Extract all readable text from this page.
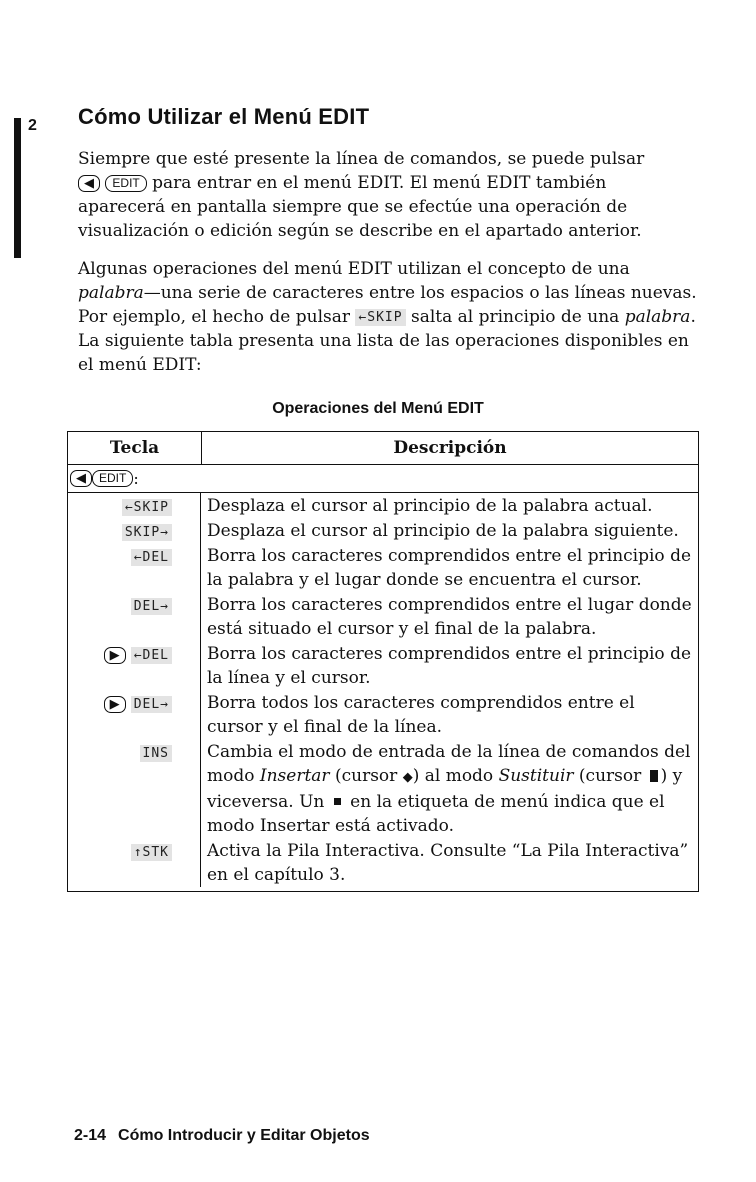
2 Cómo Utilizar el Menú EDIT

Siempre que esté presente la línea de comandos, se puede pulsar
◀ EDIT para entrar en el menú EDIT. El menú EDIT también aparecerá en pantalla siempre que se efectúe una operación de visualización o edición según se describe en el apartado anterior.

Algunas operaciones del menú EDIT utilizan el concepto de una palabra—una serie de caracteres entre los espacios o las líneas nuevas. Por ejemplo, el hecho de pulsar ←SKIP salta al principio de una palabra. La siguiente tabla presenta una lista de las operaciones disponibles en el menú EDIT:

Operaciones del Menú EDIT
Tecla	Descripción
◀	EDIT :
←SKIP	Desplaza el cursor al principio de la palabra actual.
SKIP→	Desplaza el cursor al principio de la palabra siguiente.
←DEL	Borra los caracteres comprendidos entre el principio de la palabra y el lugar donde se encuentra el cursor.
DEL→	Borra los caracteres comprendidos entre el lugar donde está situado el cursor y el final de la palabra.
▶ ←DEL	Borra los caracteres comprendidos entre el principio de la línea y el cursor.
▶ DEL→	Borra todos los caracteres comprendidos entre el cursor y el final de la línea.
INS	Cambia el modo de entrada de la línea de comandos del modo Insertar (cursor ◆) al modo Sustituir (cursor ) y viceversa. Un  en la etiqueta de menú indica que el modo Insertar está activado.
↑STK	Activa la Pila Interactiva. Consulte “La Pila Interactiva” en el capítulo 3.
2-14 Cómo Introducir y Editar Objetos
